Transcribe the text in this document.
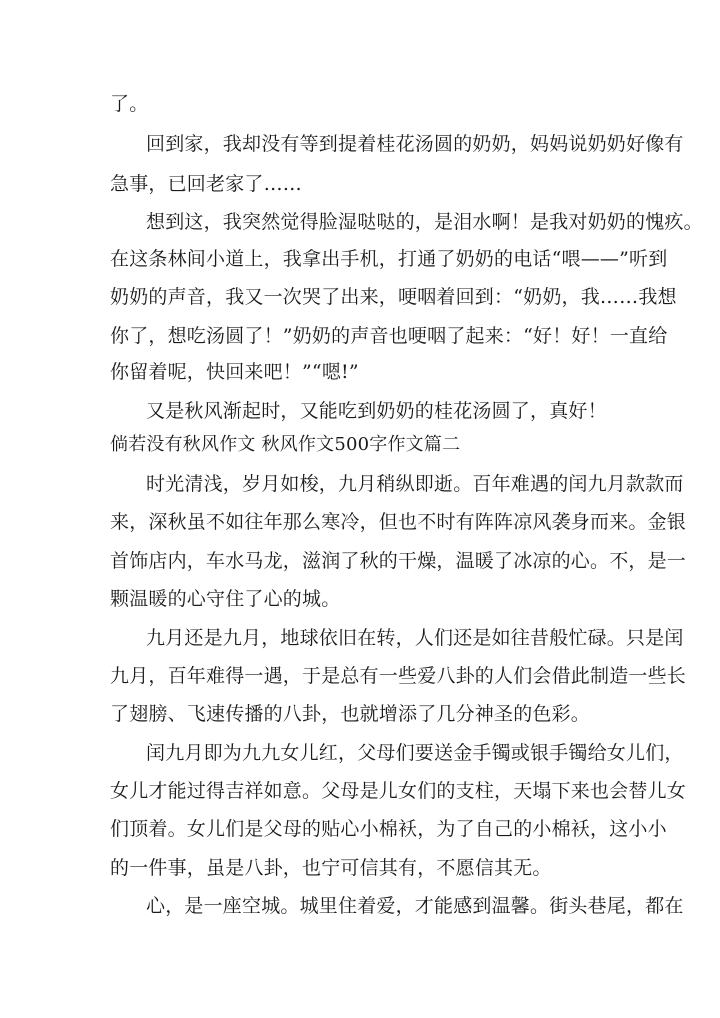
了。
回到家，我却没有等到提着桂花汤圆的奶奶，妈妈说奶奶好像有
急事，已回老家了……
想到这，我突然觉得脸湿哒哒的，是泪水啊！是我对奶奶的愧疚。
在这条林间小道上，我拿出手机，打通了奶奶的电话“喂——”听到
奶奶的声音，我又一次哭了出来，哽咽着回到：“奶奶，我……我想
你了，想吃汤圆了！”奶奶的声音也哽咽了起来：“好！好！一直给
你留着呢，快回来吧！”“嗯!”
又是秋风渐起时，又能吃到奶奶的桂花汤圆了，真好！
倘若没有秋风作文 秋风作文500字作文篇二
时光清浅，岁月如梭，九月稍纵即逝。百年难遇的闰九月款款而
来，深秋虽不如往年那么寒冷，但也不时有阵阵凉风袭身而来。金银
首饰店内，车水马龙，滋润了秋的干燥，温暖了冰凉的心。不，是一
颗温暖的心守住了心的城。
九月还是九月，地球依旧在转，人们还是如往昔般忙碌。只是闰
九月，百年难得一遇，于是总有一些爱八卦的人们会借此制造一些长
了翅膀、飞速传播的八卦，也就增添了几分神圣的色彩。
闰九月即为九九女儿红，父母们要送金手镯或银手镯给女儿们，
女儿才能过得吉祥如意。父母是儿女们的支柱，天塌下来也会替儿女
们顶着。女儿们是父母的贴心小棉袄，为了自己的小棉袄，这小小
的一件事，虽是八卦，也宁可信其有，不愿信其无。
心，是一座空城。城里住着爱，才能感到温馨。街头巷尾，都在
